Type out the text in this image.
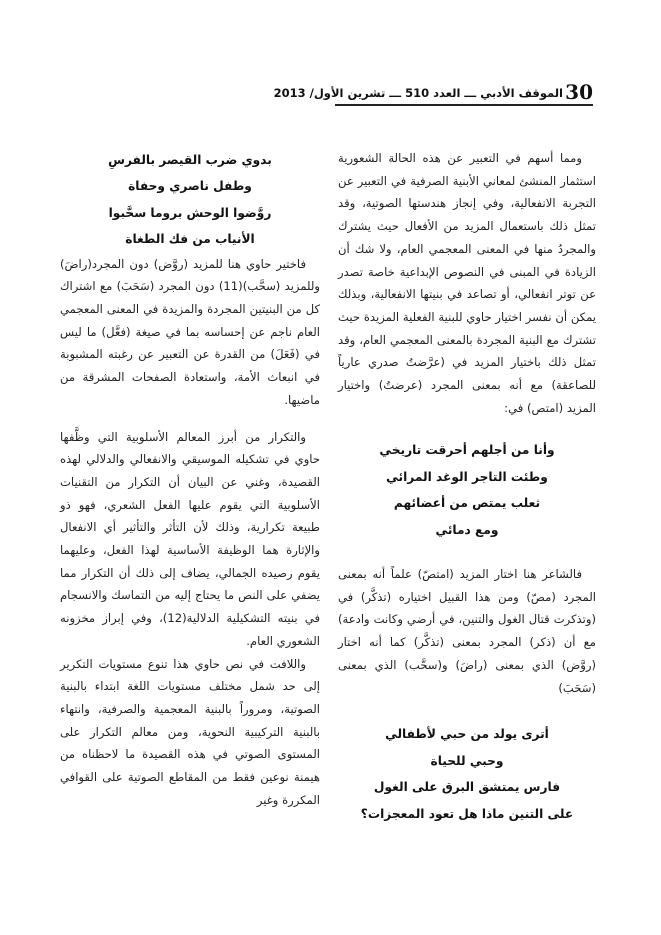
30
الموقف الأدبي ـــ العدد 510 ـــ تشرين الأول/ 2013

ومما أسهم في التعبير عن هذه الحالة الشعورية استثمار المنشئ لمعاني الأبنية الصرفية في التعبير عن التجربة الانفعالية، وفي إنجاز هندستها الصوتية، وقد تمثل ذلك باستعمال المزيد من الأفعال حيث يشترك والمجردُ منها في المعنى المعجمي العام، ولا شك أن الزيادة في المبنى في النصوص الإبداعية خاصة تصدر عن توتر انفعالي، أو تصاعد في بنيتها الانفعالية، وبذلك يمكن أن نفسر اختيار حاوي للبنية الفعلية المزيدة حيث تشترك مع البنية المجردة بالمعنى المعجمي العام، وقد تمثل ذلك باختيار المزيد في (عرَّضتُ صدري عارياً للصاعقة) مع أنه بمعنى المجرد (عرضتُ) واختيار المزيد (امتص) في:

وأنا من أجلهم أحرقت تاريخي
وطئت التاجر الوغد المرائي
ثعلب يمتص من أعضائهم
ومع دمائي

فالشاعر هنا اختار المزيد (امتصّ) علماً أنه بمعنى المجرد (مصّ) ومن هذا القبيل اختياره (تذكَّر) في (وتذكرت قتال الغول والتنين، في أرضي وكانت وادعة) مع أن (ذكر) المجرد بمعنى (تذكَّر) كما أنه اختار (روَّض) الذي بمعنى (راضَ) و(سحَّب) الذي بمعنى (سَحَبَ)

أترى يولد من حبي لأطفالي
وحبي للحياة
فارس يمتشق البرق على الغول
على التنين ماذا هل تعود المعجزات؟
بدوي ضرب القيصر بالفرسِ
وطفل ناصري وحفاة
روَّضوا الوحش بروما سحَّبوا
الأنياب من فك الطغاة

فاختير حاوي هنا للمزيد (روَّض) دون المجرد(راضَ) وللمزيد (سحَّب)(11) دون المجرد (سَحَبَ) مع اشتراك كل من البنيتين المجردة والمزيدة في المعنى المعجمي العام ناجم عن إحساسه بما في صيغة (فعَّل) ما ليس في (فَعَلَ) من القدرة عن التعبير عن رغبته المشبوبة في انبعاث الأمة، واستعادة الصفحات المشرقة من ماضيها.

والتكرار من أبرز المعالم الأسلوبية التي وظَّفها حاوي في تشكيله الموسيقي والانفعالي والدلالي لهذه القصيدة، وغني عن البيان أن التكرار من التقنيات الأسلوبية التي يقوم عليها الفعل الشعري، فهو ذو طبيعة تكرارية، وذلك لأن التأثر والتأثير أي الانفعال والإثارة هما الوظيفة الأساسية لهذا الفعل، وعليهما يقوم رصيده الجمالي، يضاف إلى ذلك أن التكرار مما يضفي على النص ما يحتاج إليه من التماسك والانسجام في بنيته التشكيلية الدلالية(12)، وفي إبراز مخزونه الشعوري العام.

واللافت في نص حاوي هذا تنوع مستويات التكرير إلى حد شمل مختلف مستويات اللغة ابتداء بالبنية الصوتية، ومروراً بالبنية المعجمية والصرفية، وانتهاء بالبنية التركيبية النحوية، ومن معالم التكرار على المستوى الصوتي في هذه القصيدة ما لاحظناه من هيمنة نوعين فقط من المقاطع الصوتية على القوافي المكررة وغير
